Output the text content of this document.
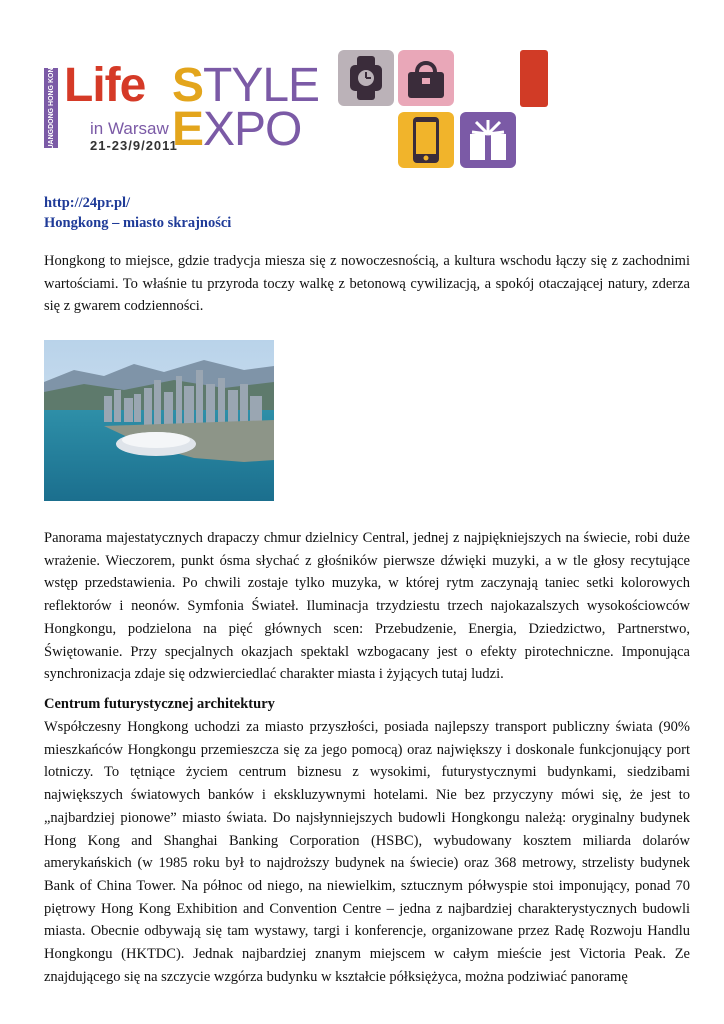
GUANGDONG HONG KONG Life STYLE
EXPO
in Warsaw
21-23/9/2011
http://24pr.pl/
Hongkong – miasto skrajności

Hongkong to miejsce, gdzie tradycja miesza się z nowoczesnością, a kultura wschodu łączy się z zachodnimi wartościami. To właśnie tu przyroda toczy walkę z betonową cywilizacją, a spokój otaczającej natury, zderza się z gwarem codzienności.

Panorama majestatycznych drapaczy chmur dzielnicy Central, jednej z najpiękniejszych na świecie, robi duże wrażenie. Wieczorem, punkt ósma słychać z głośników pierwsze dźwięki muzyki, a w tle głosy recytujące wstęp przedstawienia. Po chwili zostaje tylko muzyka, w której rytm zaczynają taniec setki kolorowych reflektorów i neonów. Symfonia Świateł. Iluminacja trzydziestu trzech najokazalszych wysokościowców Hongkongu, podzielona na pięć głównych scen: Przebudzenie, Energia, Dziedzictwo, Partnerstwo, Świętowanie. Przy specjalnych okazjach spektakl wzbogacany jest o efekty pirotechniczne. Imponująca synchronizacja zdaje się odzwierciedlać charakter miasta i żyjących tutaj ludzi.

Centrum futurystycznej architektury

Współczesny Hongkong uchodzi za miasto przyszłości, posiada najlepszy transport publiczny świata (90% mieszkańców Hongkongu przemieszcza się za jego pomocą) oraz największy i doskonale funkcjonujący port lotniczy. To tętniące życiem centrum biznesu z wysokimi, futurystycznymi budynkami, siedzibami największych światowych banków i ekskluzywnymi hotelami. Nie bez przyczyny mówi się, że jest to „najbardziej pionowe” miasto świata. Do najsłynniejszych budowli Hongkongu należą: oryginalny budynek Hong Kong and Shanghai Banking Corporation (HSBC), wybudowany kosztem miliarda dolarów amerykańskich (w 1985 roku był to najdroższy budynek na świecie) oraz 368 metrowy, strzelisty budynek Bank of China Tower. Na północ od niego, na niewielkim, sztucznym półwyspie stoi imponujący, ponad 70 piętrowy Hong Kong Exhibition and Convention Centre – jedna z najbardziej charakterystycznych budowli miasta. Obecnie odbywają się tam wystawy, targi i konferencje, organizowane przez Radę Rozwoju Handlu Hongkongu (HKTDC). Jednak najbardziej znanym miejscem w całym mieście jest Victoria Peak. Ze znajdującego się na szczycie wzgórza budynku w kształcie półksiężyca, można podziwiać panoramę
